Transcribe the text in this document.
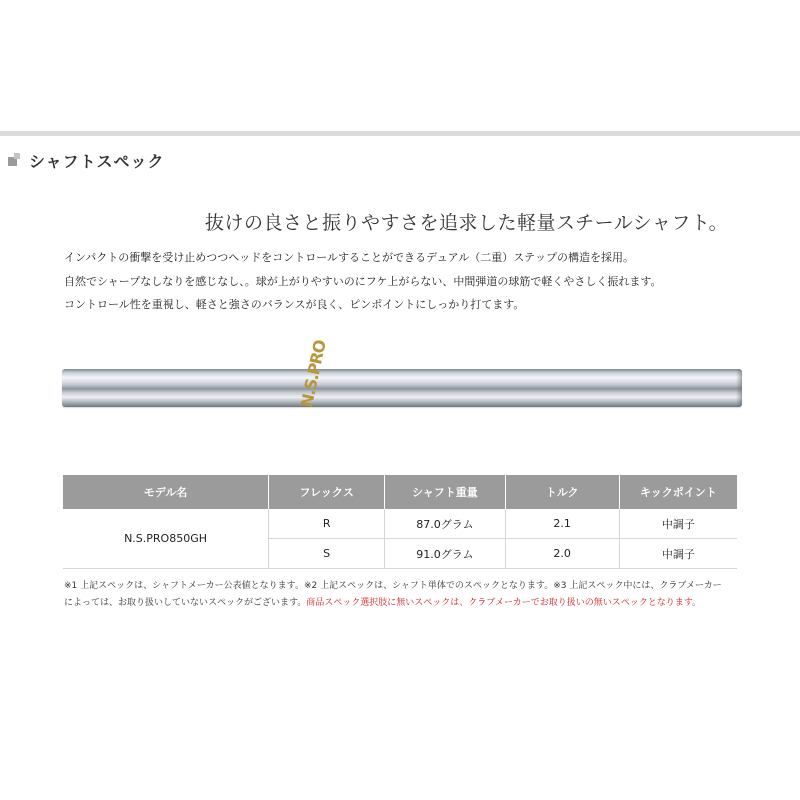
シャフトスペック
抜けの良さと振りやすさを追求した軽量スチールシャフト。
インパクトの衝撃を受け止めつつヘッドをコントロールすることができるデュアル（二重）ステップの構造を採用。
自然でシャープなしなりを感じなし、。球が上がりやすいのにフケ上がらない、中間弾道の球筋で軽くやさしく振れます。
コントロール性を重視し、軽さと強さのバランスが良く、ピンポイントにしっかり打てます。
N.S.PRO
モデル名	フレックス	シャフト重量	トルク	キックポイント
N.S.PRO850GH	R	87.0グラム	2.1	中調子
	S	91.0グラム	2.0	中調子
※1 上記スペックは、シャフトメーカー公表値となります。※2 上記スペックは、シャフト単体でのスペックとなります。※3 上記スペック中には、クラブメーカー
によっては、お取り扱いしていないスペックがございます。商品スペック選択肢に無いスペックは、クラブメーカーでお取り扱いの無いスペックとなります。
